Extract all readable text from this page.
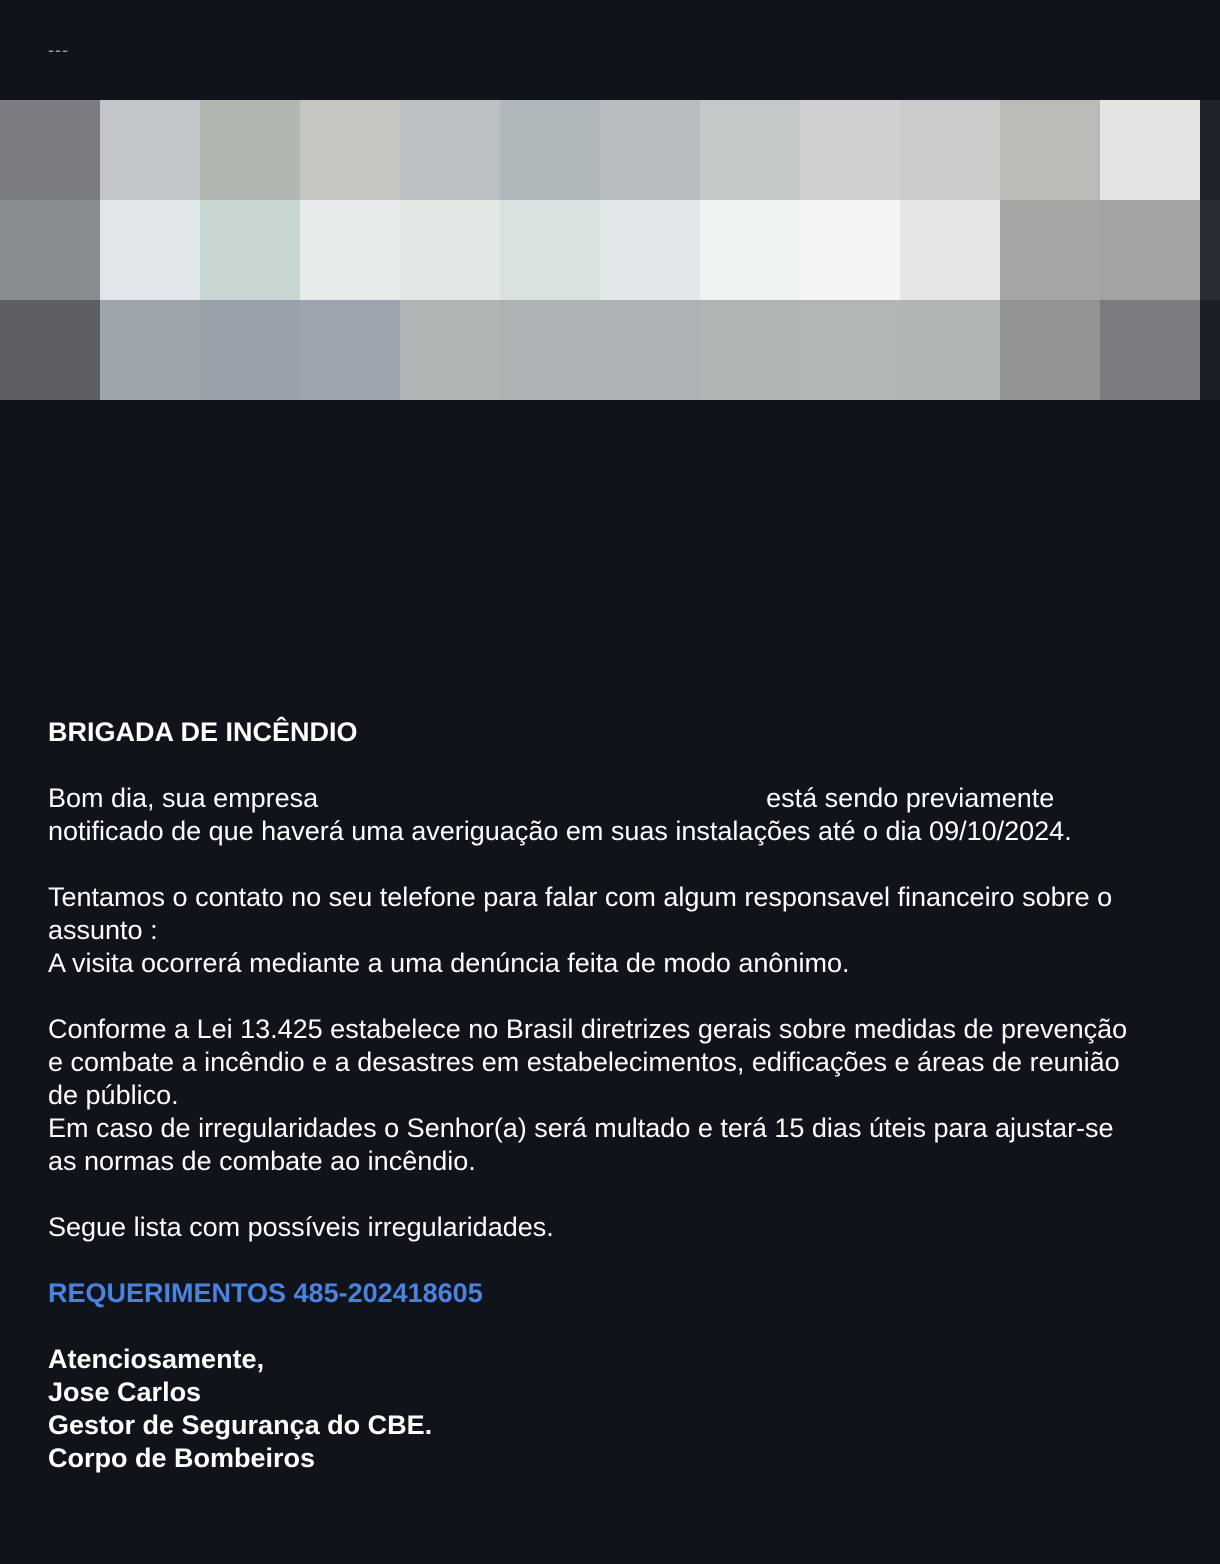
---
BRIGADA DE INCÊNDIO
Bom dia, sua empresa	está sendo previamente
notificado de que haverá uma averiguação em suas instalações até o dia 09/10/2024.
Tentamos o contato no seu telefone para falar com algum responsavel financeiro sobre o
assunto :
A visita ocorrerá mediante a uma denúncia feita de modo anônimo.
Conforme a Lei 13.425 estabelece no Brasil diretrizes gerais sobre medidas de prevenção
e combate a incêndio e a desastres em estabelecimentos, edificações e áreas de reunião
de público.
Em caso de irregularidades o Senhor(a) será multado e terá 15 dias úteis para ajustar-se
as normas de combate ao incêndio.
Segue lista com possíveis irregularidades.
REQUERIMENTOS 485-202418605
Atenciosamente,
Jose Carlos
Gestor de Segurança do CBE.
Corpo de Bombeiros
